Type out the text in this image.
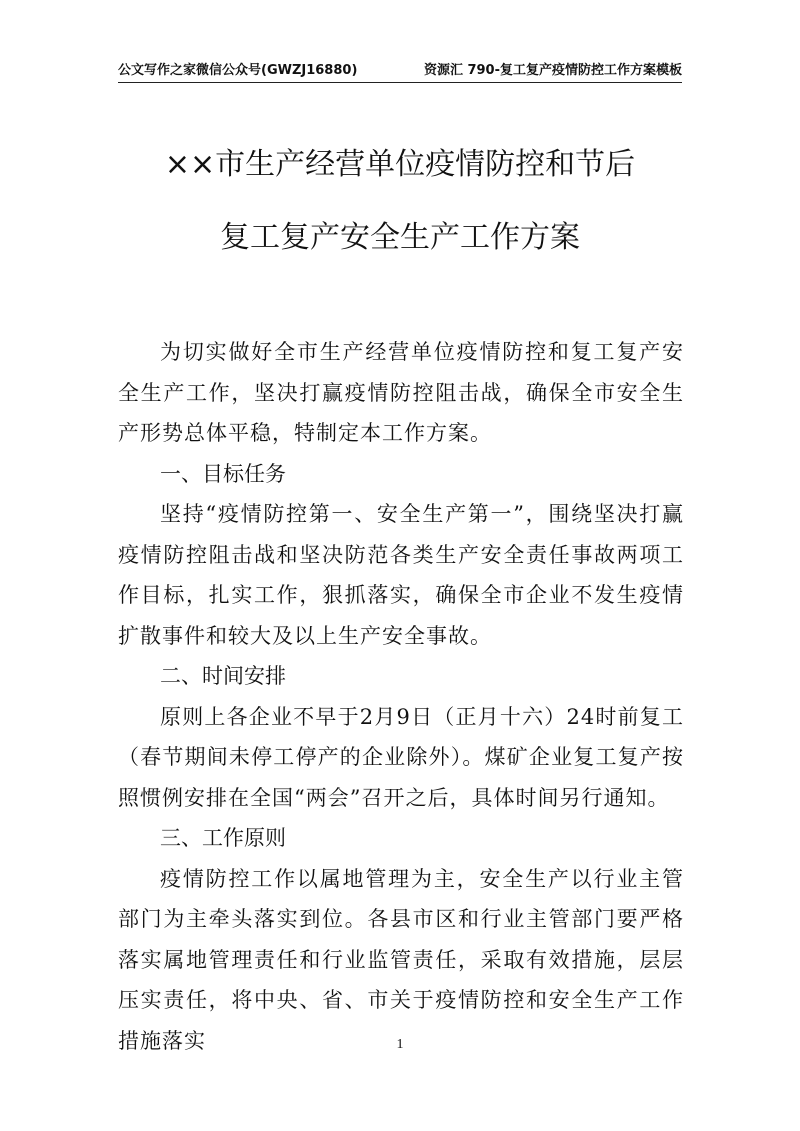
公文写作之家微信公众号(GWZJ16880)	资源汇 790-复工复产疫情防控工作方案模板
××市生产经营单位疫情防控和节后
复工复产安全生产工作方案

为切实做好全市生产经营单位疫情防控和复工复产安全生产工作，坚决打赢疫情防控阻击战，确保全市安全生产形势总体平稳，特制定本工作方案。

一、目标任务

坚持“疫情防控第一、安全生产第一”，围绕坚决打赢疫情防控阻击战和坚决防范各类生产安全责任事故两项工作目标，扎实工作，狠抓落实，确保全市企业不发生疫情扩散事件和较大及以上生产安全事故。

二、时间安排

原则上各企业不早于2月9日（正月十六）24时前复工（春节期间未停工停产的企业除外）。煤矿企业复工复产按照惯例安排在全国“两会”召开之后，具体时间另行通知。

三、工作原则

疫情防控工作以属地管理为主，安全生产以行业主管部门为主牵头落实到位。各县市区和行业主管部门要严格落实属地管理责任和行业监管责任，采取有效措施，层层压实责任，将中央、省、市关于疫情防控和安全生产工作措施落实	1
